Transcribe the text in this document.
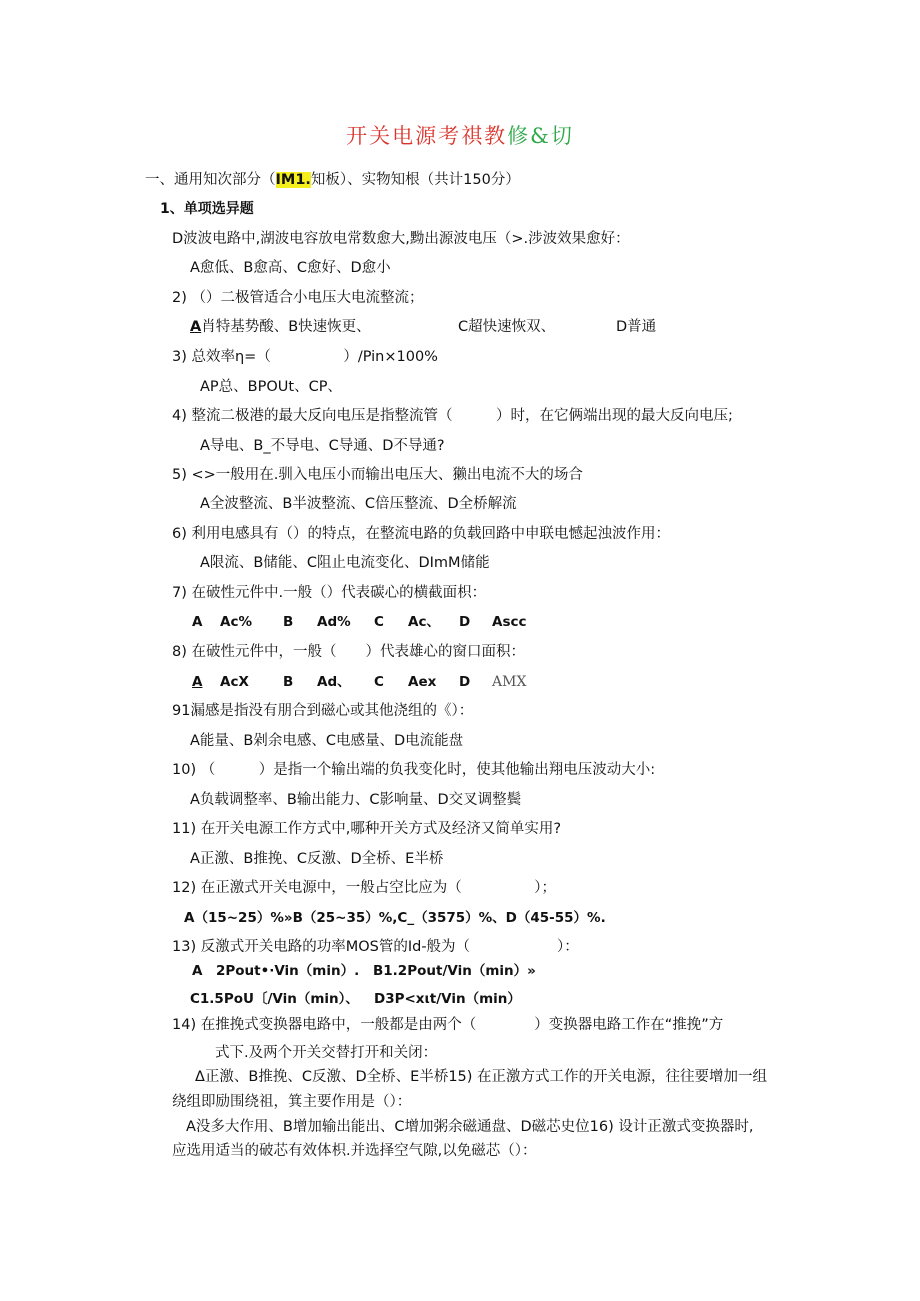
开关电源考祺教修&切
一、通用知次部分（IM1.知板）、实物知根（共计150分）
1、单项选异题
D波波电路中,湖波电容放电常数愈大,黝出源波电压（>.涉波效果愈好：
A愈低、B愈高、C愈好、D愈小
2) （）二极管适合小电压大电流整流；
A肖特基势酸、B快速恢更、	C超快速恢双、	D普通
3) 总效率η=（　　　　　）/Pin×100%
AP总、BPOUt、CP、
4) 整流二极港的最大反向电压是指整流管（　　　）时，在它俩端出现的最大反向电压;
A导电、B_不导电、C导通、D不导通?
5) <>一般用在.驯入电压小而输出电压大、獭出电流不大的场合
A全波整流、B半波整流、C倍压整流、D全桥解流
6) 利用电感具有（）的特点，在整流电路的负载回路中申联电憾起浊波作用：
A限流、B储能、C阻止电流变化、DImM储能
7) 在破性元件中.一般（）代表碳心的横截面枳：
A Ac% B Ad% C Ac、 D Ascc
8) 在破性元件中，一般（　　）代表雄心的窗口面积：
A AcX	B Ad、 C Aex D AMX
91漏感是指没有朋合到磁心或其他浇组的《）：
A能量、B剁余电感、C电感量、D电流能盘
10) （　　　）是指一个输出端的负我变化时，使其他输出翔电压波动大小:
A负载调整率、B输出能力、C影响量、D交叉调整鬓
11) 在开关电源工作方式中,哪种开关方式及经济又简单实用?
A正激、B推挽、C反激、D全桥、E半桥
12) 在正激式开关电源中，一般占空比应为（　　　　　）；
A（15~25）%»B（25~35）%,C_（3575）%、D（45-55）%.
13) 反激式开关电路的功率MOS管的Id-般为（　　　　　　）：
A　2Pout•·Vin（min）. B1.2Pout/Vin（min）»
C1.5PoU〔/Vin（min）、 D3P<xιt/Vin（min）
14) 在推挽式变换器电路中，一般都是由两个（　　　　）变换器电路工作在“推挽”方
式下.及两个开关交替打开和关闭：
Δ正激、B推挽、C反激、D全桥、E半桥15) 在正激方式工作的开关电源，往往要增加一组
绕组即励围绕祖，箕主要作用是（）：
A没多大作用、B增加输出能出、C增加粥余磁通盘、D磁芯史位16) 设计正激式变换器时,
应选用适当的破芯有效体枳.并选择空气隙,以免磁芯（）：
